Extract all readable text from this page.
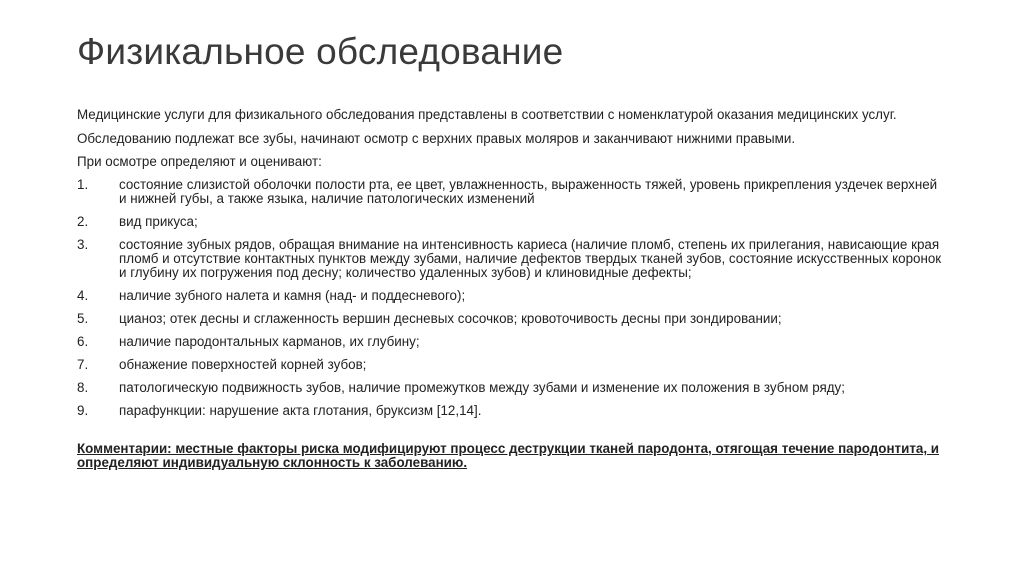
Физикальное обследование

Медицинские услуги для физикального обследования представлены в соответствии с номенклатурой оказания медицинских услуг.

Обследованию подлежат все зубы, начинают осмотр с верхних правых моляров и заканчивают нижними правыми.

При осмотре определяют и оценивают:

1.	состояние слизистой оболочки полости рта, ее цвет, увлажненность, выраженность тяжей, уровень прикрепления уздечек верхней и нижней губы, а также языка, наличие патологических изменений
2.	вид прикуса;
3.	состояние зубных рядов, обращая внимание на интенсивность кариеса (наличие пломб, степень их прилегания, нависающие края пломб и отсутствие контактных пунктов между зубами, наличие дефектов твердых тканей зубов, состояние искусственных коронок и глубину их погружения под десну; количество удаленных зубов) и клиновидные дефекты;
4.	наличие зубного налета и камня (над- и поддесневого);
5.	цианоз; отек десны и сглаженность вершин десневых сосочков; кровоточивость десны при зондировании;
6.	наличие пародонтальных карманов, их глубину;
7.	обнажение поверхностей корней зубов;
8.	патологическую подвижность зубов, наличие промежутков между зубами и изменение их положения в зубном ряду;
9.	парафункции: нарушение акта глотания, бруксизм [12,14].

Комментарии: местные факторы риска модифицируют процесс деструкции тканей пародонта, отягощая течение пародонтита, и определяют индивидуальную склонность к заболеванию.
